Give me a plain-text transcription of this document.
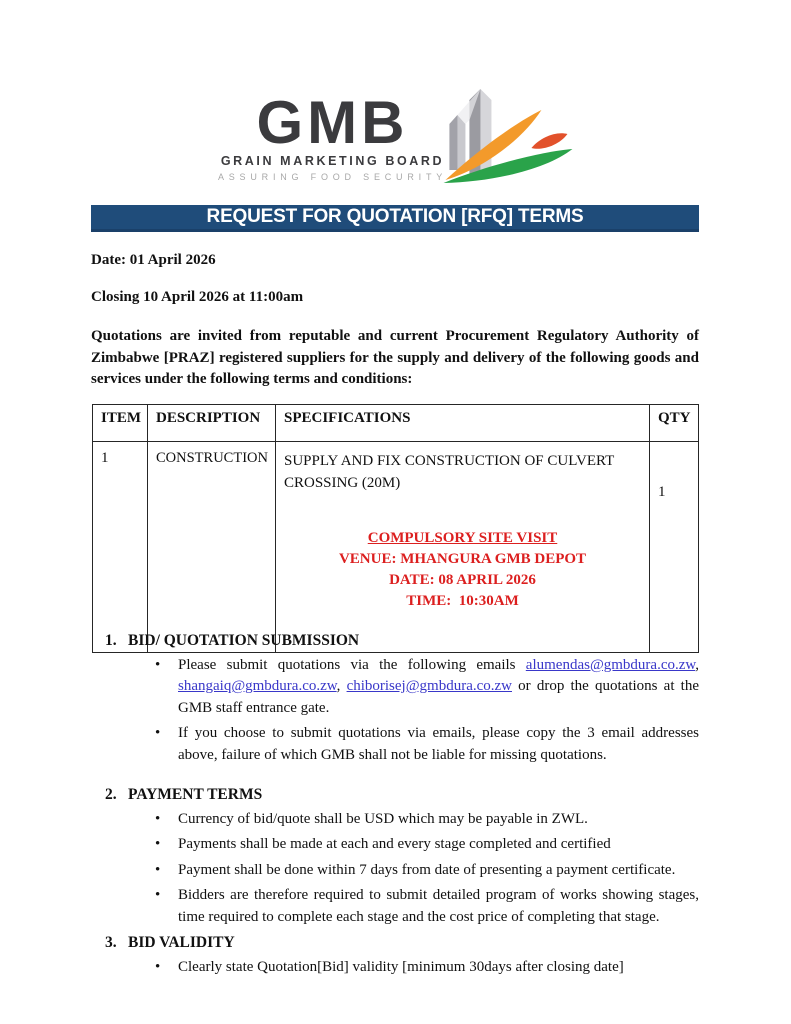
GMB
GRAIN MARKETING BOARD
ASSURING FOOD SECURITY
REQUEST FOR QUOTATION [RFQ] TERMS

Date: 01 April 2026

Closing 10 April 2026 at 11:00am

Quotations are invited from reputable and current Procurement Regulatory Authority of Zimbabwe [PRAZ] registered suppliers for the supply and delivery of the following goods and services under the following terms and conditions:

ITEM	DESCRIPTION	SPECIFICATIONS	QTY
1	CONSTRUCTION	SUPPLY AND FIX CONSTRUCTION OF CULVERT CROSSING (20M)
COMPULSORY SITE VISIT
VENUE: MHANGURA GMB DEPOT
DATE: 08 APRIL 2026
TIME:  10:30AM	1
1. BID/ QUOTATION SUBMISSION
•

Please submit quotations via the following emails alumendas@gmbdura.co.zw, shangaiq@gmbdura.co.zw, chiborisej@gmbdura.co.zw or drop the quotations at the GMB staff entrance gate.

•

If you choose to submit quotations via emails, please copy the 3 email addresses above, failure of which GMB shall not be liable for missing quotations.

2. PAYMENT TERMS
•

Currency of bid/quote shall be USD which may be payable in ZWL.

•

Payments shall be made at each and every stage completed and certified

•

Payment shall be done within 7 days from date of presenting a payment certificate.

•

Bidders are therefore required to submit detailed program of works showing stages, time required to complete each stage and the cost price of completing that stage.

3. BID VALIDITY
•

Clearly state Quotation[Bid] validity [minimum 30days after closing date]
